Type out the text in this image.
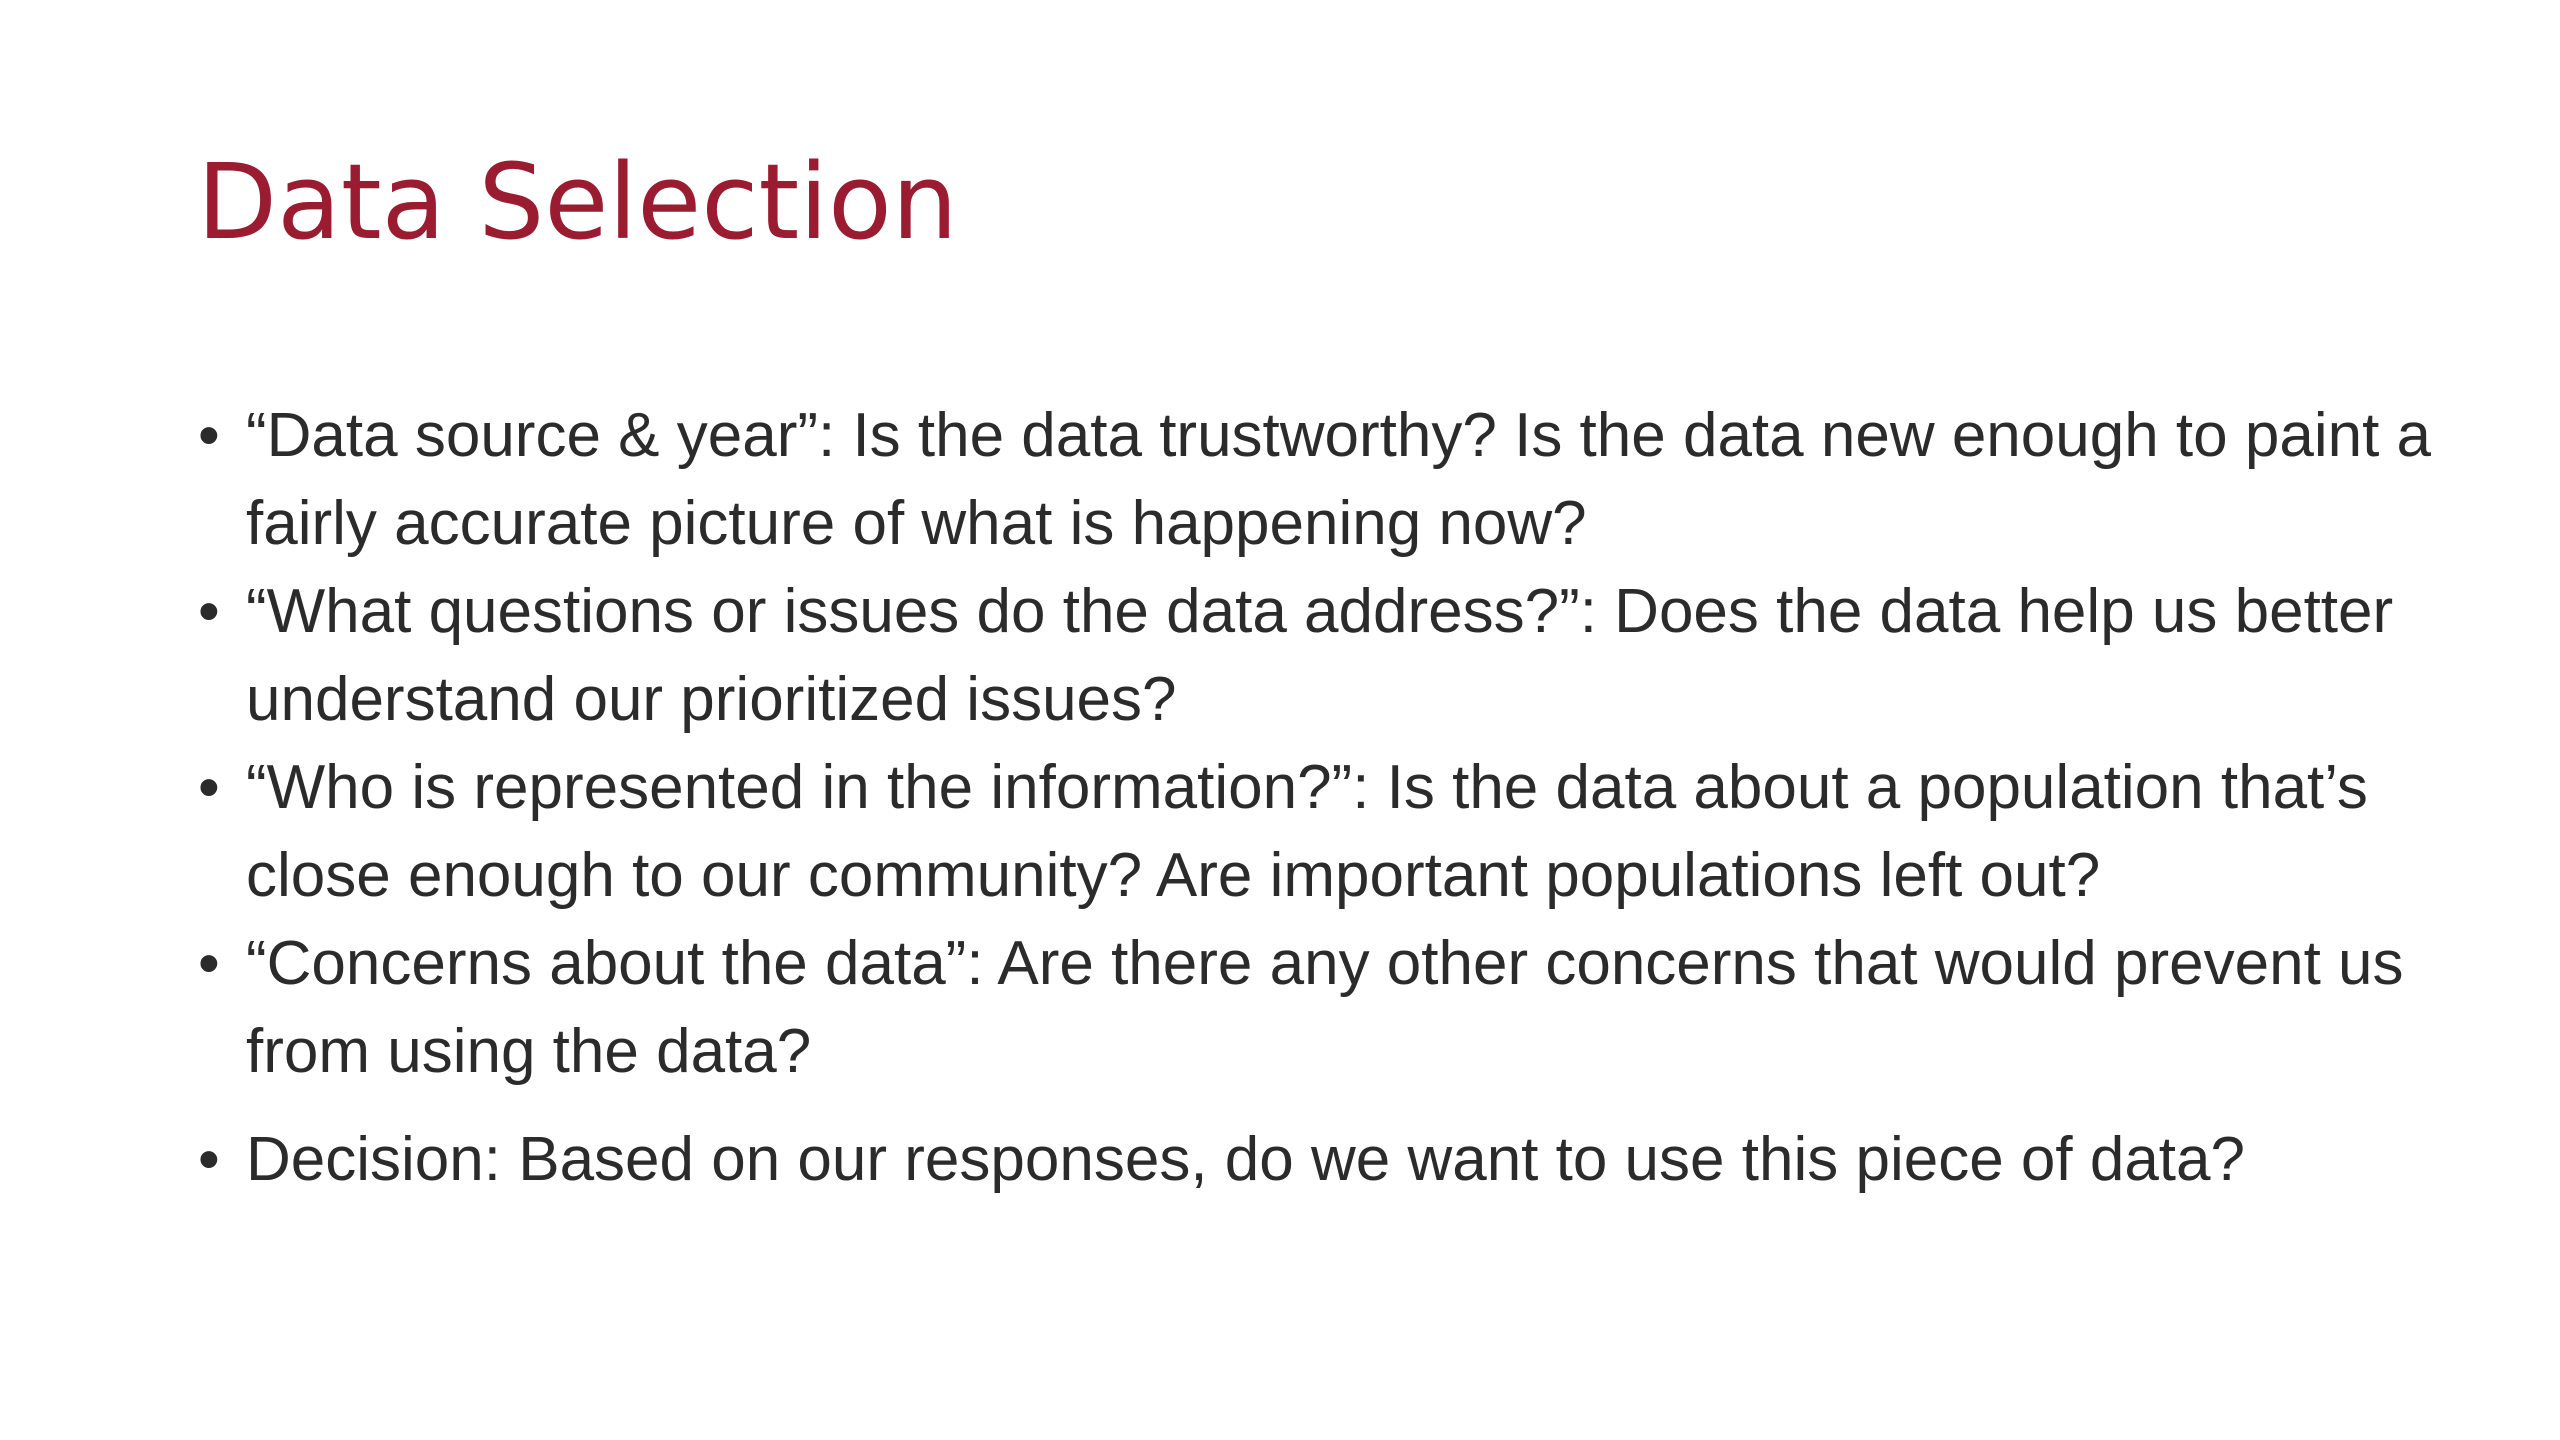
Data Selection
• “Data source & year”: Is the data trustworthy? Is the data new enough to paint a fairly accurate picture of what is happening now?
• “What questions or issues do the data address?”: Does the data help us better understand our prioritized issues?
• “Who is represented in the information?”: Is the data about a population that’s close enough to our community? Are important populations left out?
• “Concerns about the data”: Are there any other concerns that would prevent us from using the data?
• Decision: Based on our responses, do we want to use this piece of data?
